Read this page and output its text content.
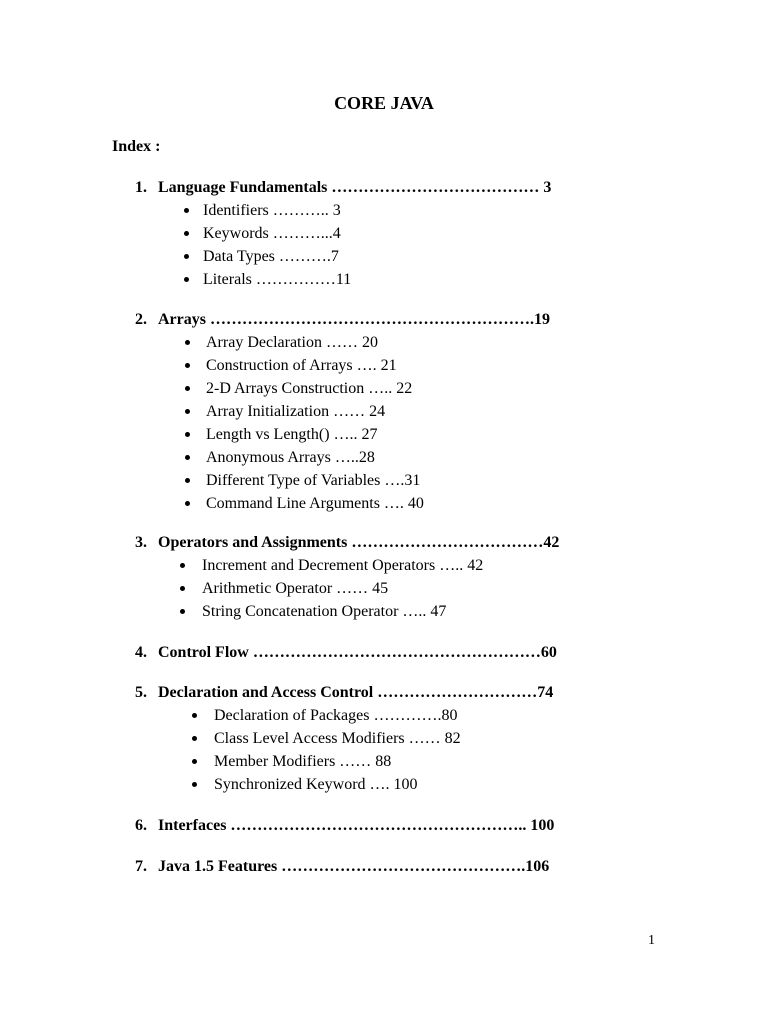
CORE JAVA
Index :
1. Language Fundamentals ………………………………… 3
Identifiers ……….. 3
Keywords ………...4
Data Types ……….7
Literals ……………11
2. Arrays …………………………………………………….19
Array Declaration …… 20
Construction of Arrays …. 21
2-D Arrays Construction ….. 22
Array Initialization …… 24
Length vs Length() ….. 27
Anonymous Arrays …..28
Different Type of Variables ….31
Command Line Arguments …. 40
3. Operators and Assignments ………………………………42
Increment and Decrement Operators ….. 42
Arithmetic Operator …… 45
String Concatenation Operator ….. 47
4. Control Flow ………………………………………………60
5. Declaration and Access Control …………………………74
Declaration of Packages ………….80
Class Level Access Modifiers …… 82
Member Modifiers …… 88
Synchronized Keyword …. 100
6. Interfaces ……………………………………………….. 100
7. Java 1.5 Features ……………………………………….106
1
